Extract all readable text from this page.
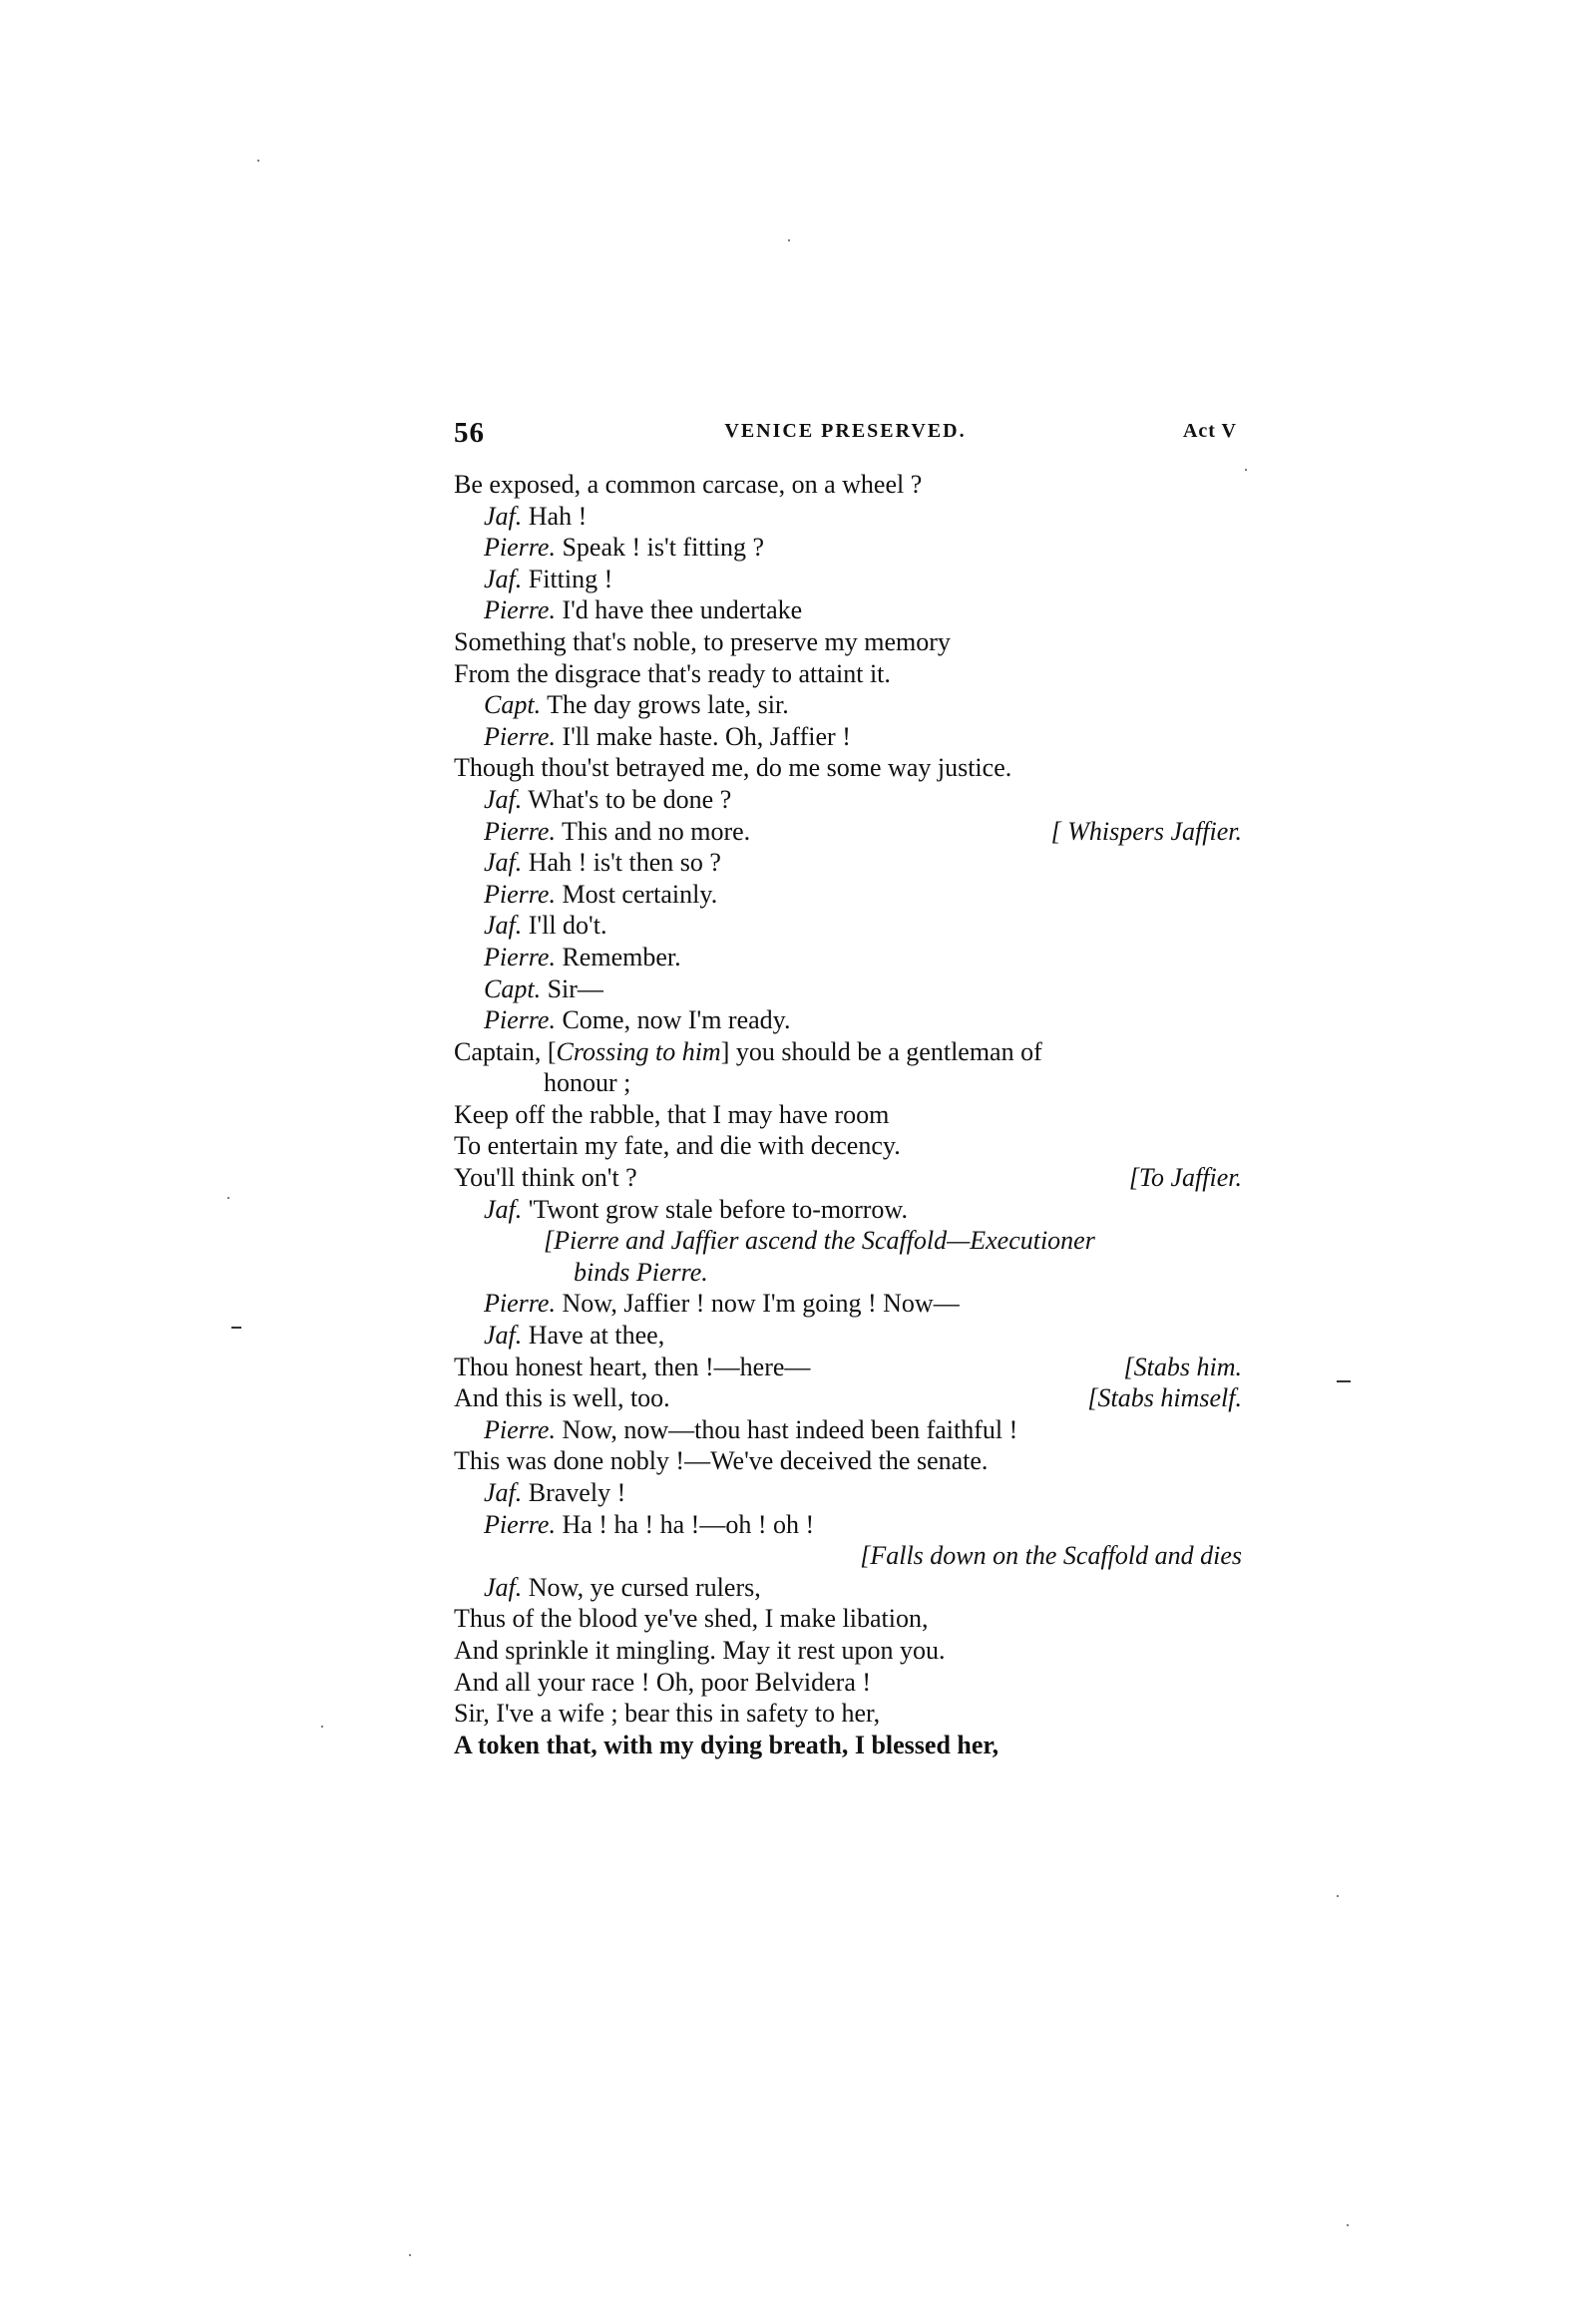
56	VENICE PRESERVED.	Act V
Be exposed, a common carcase, on a wheel ?
Jaf. Hah !
Pierre. Speak ! is't fitting ?
Jaf. Fitting !
Pierre. I'd have thee undertake
Something that's noble, to preserve my memory
From the disgrace that's ready to attaint it.
Capt. The day grows late, sir.
Pierre. I'll make haste. Oh, Jaffier !
Though thou'st betrayed me, do me some way justice.
Jaf. What's to be done ?
Pierre. This and no more.	[ Whispers Jaffier.
Jaf. Hah ! is't then so ?
Pierre. Most certainly.
Jaf. I'll do't.
Pierre. Remember.
Capt. Sir—
Pierre. Come, now I'm ready.
Captain, [Crossing to him] you should be a gentleman of
honour ;
Keep off the rabble, that I may have room
To entertain my fate, and die with decency.
You'll think on't ?	[To Jaffier.
Jaf. 'Twont grow stale before to-morrow.
[Pierre and Jaffier ascend the Scaffold—Executioner
binds Pierre.
Pierre. Now, Jaffier ! now I'm going ! Now—
Jaf. Have at thee,
Thou honest heart, then !—here—	[Stabs him.
And this is well, too.	[Stabs himself.
Pierre. Now, now—thou hast indeed been faithful !
This was done nobly !—We've deceived the senate.
Jaf. Bravely !
Pierre. Ha ! ha ! ha !—oh ! oh !
[Falls down on the Scaffold and dies
Jaf. Now, ye cursed rulers,
Thus of the blood ye've shed, I make libation,
And sprinkle it mingling. May it rest upon you.
And all your race ! Oh, poor Belvidera !
Sir, I've a wife ; bear this in safety to her,
A token that, with my dying breath, I blessed her,
